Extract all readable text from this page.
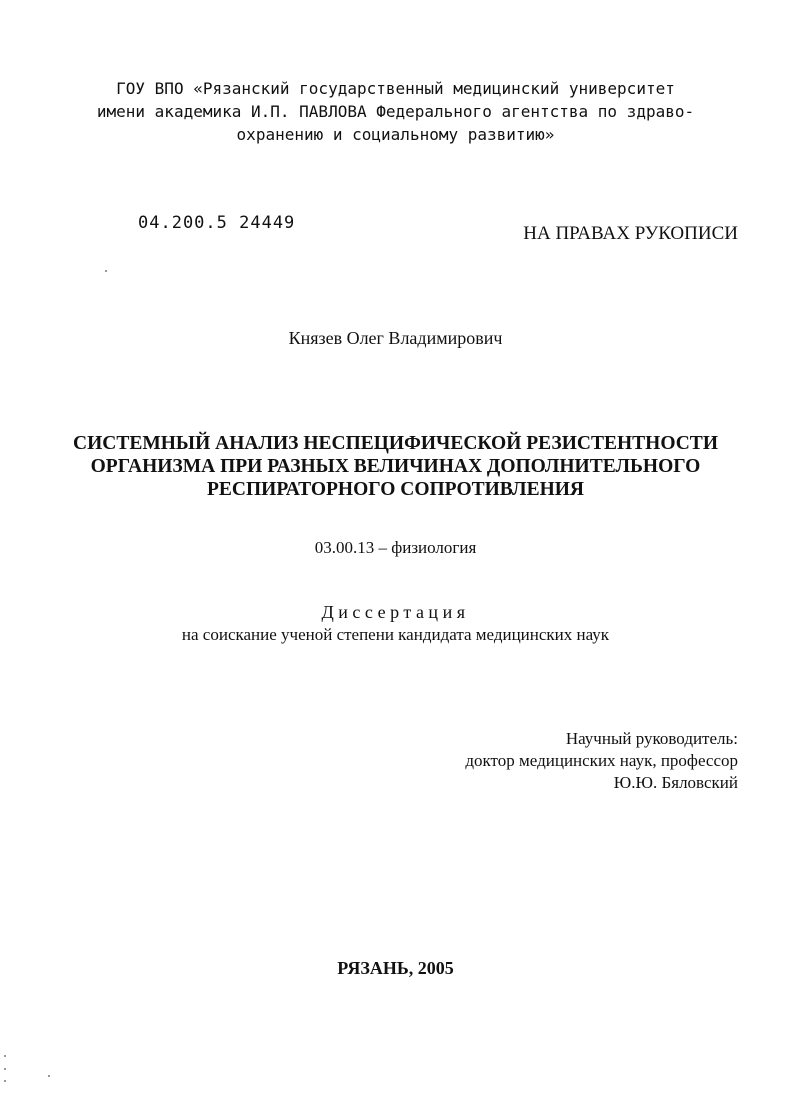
ГОУ ВПО «Рязанский государственный медицинский университет
имени академика И.П. ПАВЛОВА Федерального агентства по здраво-
охранению и социальному развитию»
04.200.5 24449	НА ПРАВАХ РУКОПИСИ
Князев Олег Владимирович
СИСТЕМНЫЙ АНАЛИЗ НЕСПЕЦИФИЧЕСКОЙ РЕЗИСТЕНТНОСТИ
ОРГАНИЗМА ПРИ РАЗНЫХ ВЕЛИЧИНАХ ДОПОЛНИТЕЛЬНОГО
РЕСПИРАТОРНОГО СОПРОТИВЛЕНИЯ
03.00.13 – физиология
Диссертация
на соискание ученой степени кандидата медицинских наук
Научный руководитель:
доктор медицинских наук, профессор
Ю.Ю. Бяловский
РЯЗАНЬ, 2005
